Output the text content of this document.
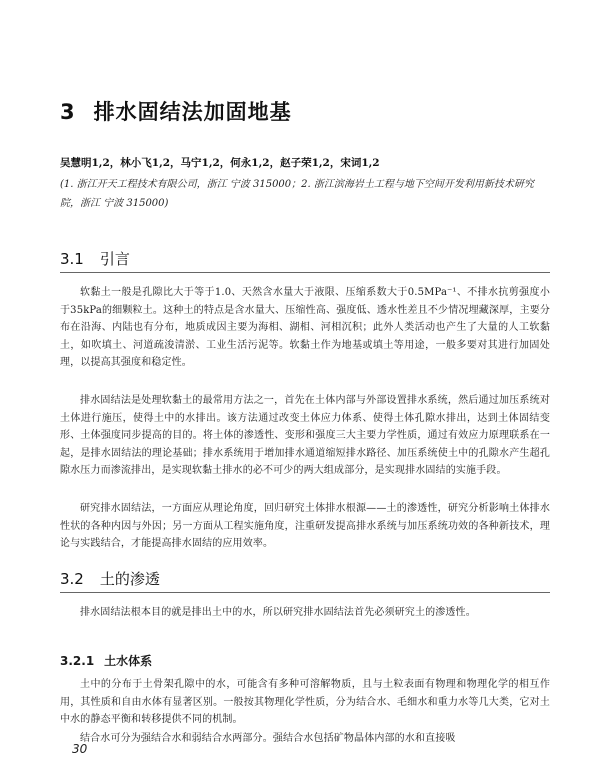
3 排水固结法加固地基
吴慧明1,2，林小飞1,2，马宁1,2，何永1,2，赵子荣1,2，宋词1,2
(1. 浙江开天工程技术有限公司，浙江 宁波 315000；2. 浙江滨海岩土工程与地下空间开发利用新技术研究院，浙江 宁波 315000)
3.1 引言

软黏土一般是孔隙比大于等于1.0、天然含水量大于液限、压缩系数大于0.5MPa⁻¹、不排水抗剪强度小于35kPa的细颗粒土。这种土的特点是含水量大、压缩性高、强度低、透水性差且不少情况埋藏深厚，主要分布在沿海、内陆也有分布，地质成因主要为海相、湖相、河相沉积；此外人类活动也产生了大量的人工软黏土，如吹填土、河道疏浚清淤、工业生活污泥等。软黏土作为地基或填土等用途，一般多要对其进行加固处理，以提高其强度和稳定性。

排水固结法是处理软黏土的最常用方法之一，首先在土体内部与外部设置排水系统，然后通过加压系统对土体进行施压，使得土中的水排出。该方法通过改变土体应力体系、使得土体孔隙水排出，达到土体固结变形、土体强度同步提高的目的。将土体的渗透性、变形和强度三大主要力学性质，通过有效应力原理联系在一起，是排水固结法的理论基础；排水系统用于增加排水通道缩短排水路径、加压系统使土中的孔隙水产生超孔隙水压力而渗流排出，是实现软黏土排水的必不可少的两大组成部分，是实现排水固结的实施手段。

研究排水固结法，一方面应从理论角度，回归研究土体排水根源——土的渗透性，研究分析影响土体排水性状的各种内因与外因；另一方面从工程实施角度，注重研发提高排水系统与加压系统功效的各种新技术，理论与实践结合，才能提高排水固结的应用效率。

3.2 土的渗透

排水固结法根本目的就是排出土中的水，所以研究排水固结法首先必须研究土的渗透性。

3.2.1 土水体系

土中的分布于土骨架孔隙中的水，可能含有多种可溶解物质，且与土粒表面有物理和物理化学的相互作用，其性质和自由水体有显著区别。一般按其物理化学性质，分为结合水、毛细水和重力水等几大类，它对土中水的静态平衡和转移提供不同的机制。

结合水可分为强结合水和弱结合水两部分。强结合水包括矿物晶体内部的水和直接吸

30
